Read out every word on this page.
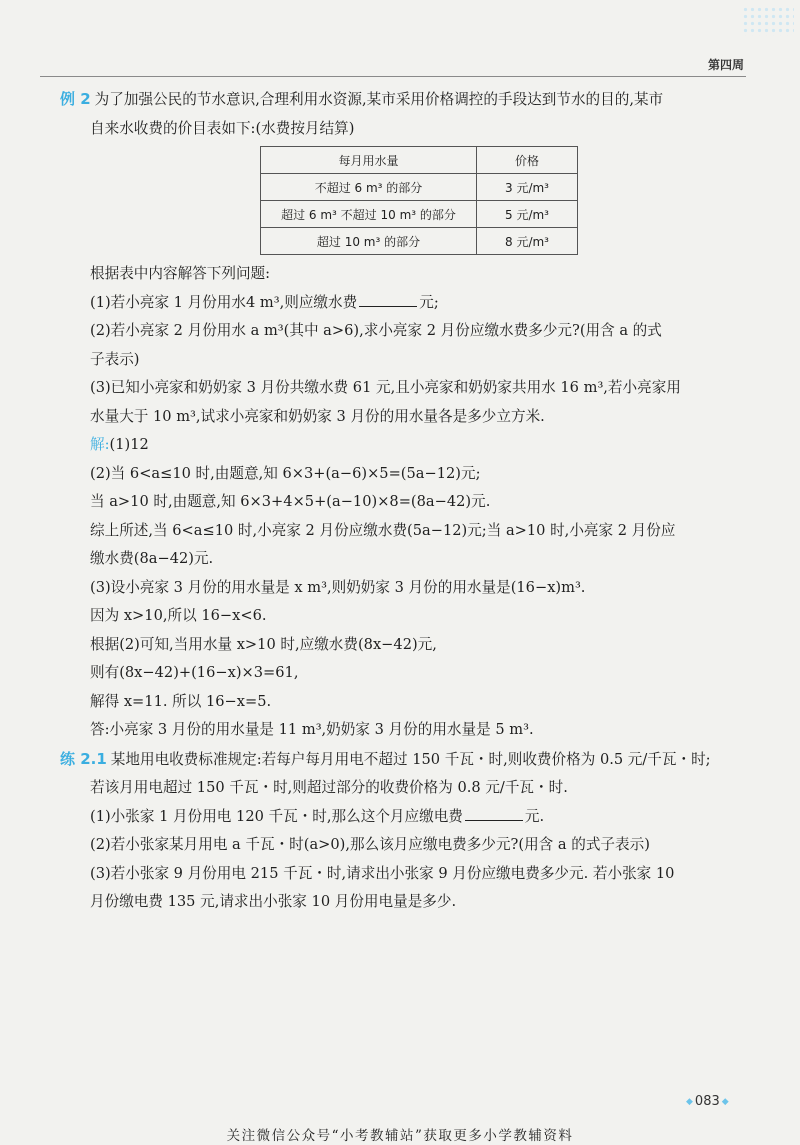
第四周

例 2 为了加强公民的节水意识,合理利用水资源,某市采用价格调控的手段达到节水的目的,某市

自来水收费的价目表如下:(水费按月结算)

每月用水量	价格
不超过 6 m³ 的部分	3 元/m³
超过 6 m³ 不超过 10 m³ 的部分	5 元/m³
超过 10 m³ 的部分	8 元/m³

根据表中内容解答下列问题:

(1)若小亮家 1 月份用水4 m³,则应缴水费	元;

(2)若小亮家 2 月份用水 a m³(其中 a>6),求小亮家 2 月份应缴水费多少元?(用含 a 的式

子表示)

(3)已知小亮家和奶奶家 3 月份共缴水费 61 元,且小亮家和奶奶家共用水 16 m³,若小亮家用

水量大于 10 m³,试求小亮家和奶奶家 3 月份的用水量各是多少立方米.

解:(1)12

(2)当 6<a≤10 时,由题意,知 6×3+(a−6)×5=(5a−12)元;

当 a>10 时,由题意,知 6×3+4×5+(a−10)×8=(8a−42)元.

综上所述,当 6<a≤10 时,小亮家 2 月份应缴水费(5a−12)元;当 a>10 时,小亮家 2 月份应

缴水费(8a−42)元.

(3)设小亮家 3 月份的用水量是 x m³,则奶奶家 3 月份的用水量是(16−x)m³.

因为 x>10,所以 16−x<6.

根据(2)可知,当用水量 x>10 时,应缴水费(8x−42)元,

则有(8x−42)+(16−x)×3=61,

解得 x=11. 所以 16−x=5.

答:小亮家 3 月份的用水量是 11 m³,奶奶家 3 月份的用水量是 5 m³.

练 2.1 某地用电收费标准规定:若每户每月用电不超过 150 千瓦・时,则收费价格为 0.5 元/千瓦・时;

若该月用电超过 150 千瓦・时,则超过部分的收费价格为 0.8 元/千瓦・时.

(1)小张家 1 月份用电 120 千瓦・时,那么这个月应缴电费	元.

(2)若小张家某月用电 a 千瓦・时(a>0),那么该月应缴电费多少元?(用含 a 的式子表示)

(3)若小张家 9 月份用电 215 千瓦・时,请求出小张家 9 月份应缴电费多少元. 若小张家 10

月份缴电费 135 元,请求出小张家 10 月份用电量是多少.

◆ 083 ◆
关注微信公众号“小考教辅站”获取更多小学教辅资料
